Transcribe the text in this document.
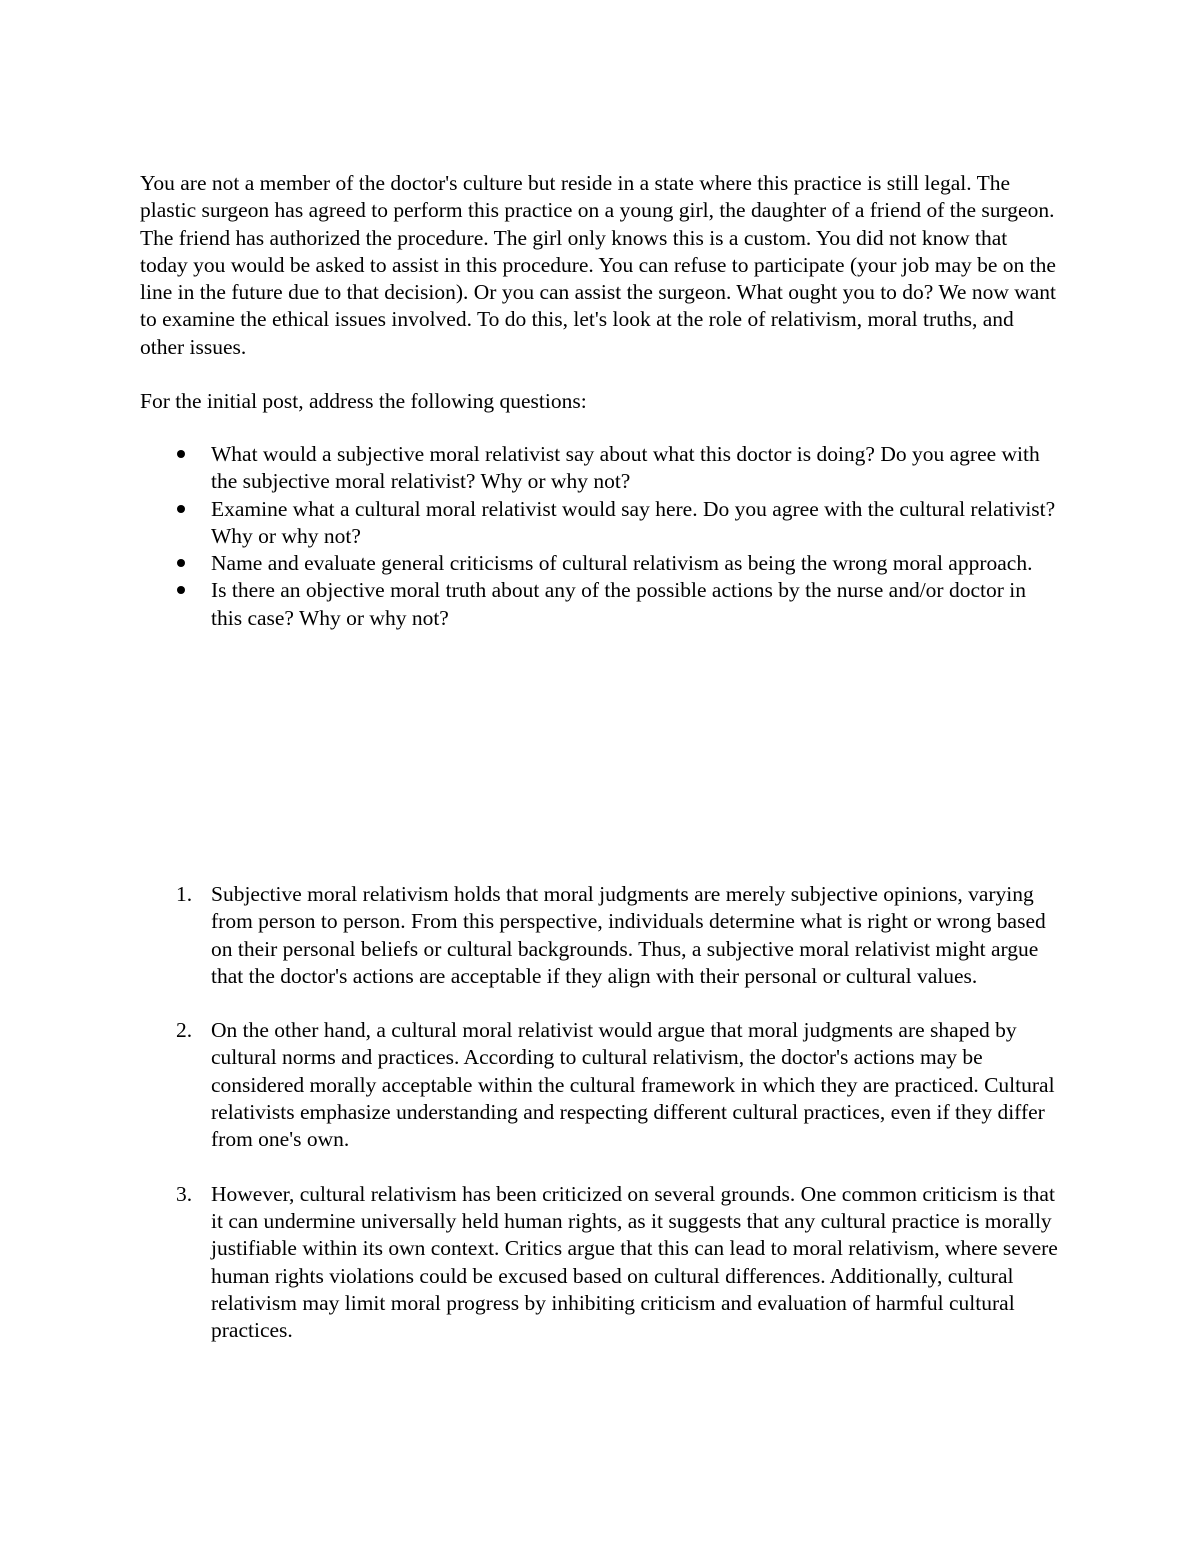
You are not a member of the doctor's culture but reside in a state where this practice is still legal. The plastic surgeon has agreed to perform this practice on a young girl, the daughter of a friend of the surgeon. The friend has authorized the procedure. The girl only knows this is a custom. You did not know that today you would be asked to assist in this procedure. You can refuse to participate (your job may be on the line in the future due to that decision). Or you can assist the surgeon. What ought you to do? We now want to examine the ethical issues involved. To do this, let's look at the role of relativism, moral truths, and other issues.

For the initial post, address the following questions:

What would a subjective moral relativist say about what this doctor is doing? Do you agree with the subjective moral relativist? Why or why not?
Examine what a cultural moral relativist would say here. Do you agree with the cultural relativist? Why or why not?
Name and evaluate general criticisms of cultural relativism as being the wrong moral approach.
Is there an objective moral truth about any of the possible actions by the nurse and/or doctor in this case? Why or why not?
1. Subjective moral relativism holds that moral judgments are merely subjective opinions, varying from person to person. From this perspective, individuals determine what is right or wrong based on their personal beliefs or cultural backgrounds. Thus, a subjective moral relativist might argue that the doctor's actions are acceptable if they align with their personal or cultural values.
2. On the other hand, a cultural moral relativist would argue that moral judgments are shaped by cultural norms and practices. According to cultural relativism, the doctor's actions may be considered morally acceptable within the cultural framework in which they are practiced. Cultural relativists emphasize understanding and respecting different cultural practices, even if they differ from one's own.
3. However, cultural relativism has been criticized on several grounds. One common criticism is that it can undermine universally held human rights, as it suggests that any cultural practice is morally justifiable within its own context. Critics argue that this can lead to moral relativism, where severe human rights violations could be excused based on cultural differences. Additionally, cultural relativism may limit moral progress by inhibiting criticism and evaluation of harmful cultural practices.
